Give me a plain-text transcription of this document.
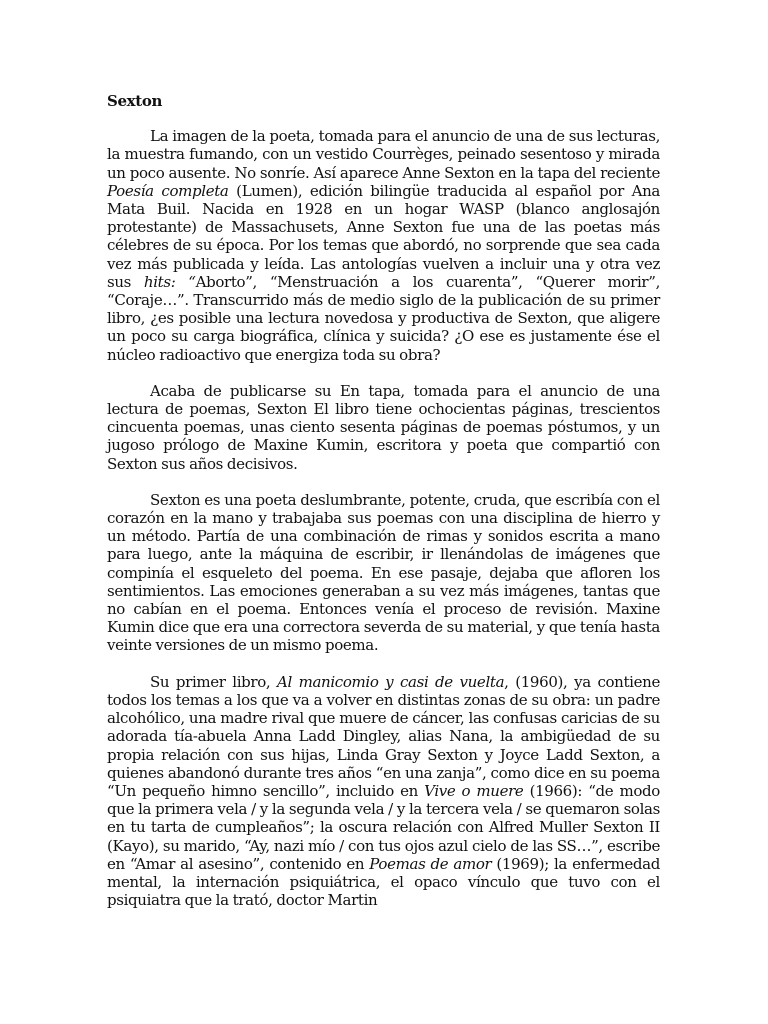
Sexton

La imagen de la poeta, tomada para el anuncio de una de sus lecturas, la muestra fumando, con un vestido Courrèges, peinado sesentoso y mirada un poco ausente. No sonríe. Así aparece Anne Sexton en la tapa del reciente Poesía completa (Lumen), edición bilingüe traducida al español por Ana Mata Buil. Nacida en 1928 en un hogar WASP (blanco anglosajón protestante) de Massachusets, Anne Sexton fue una de las poetas más célebres de su época. Por los temas que abordó, no sorprende que sea cada vez más publicada y leída. Las antologías vuelven a incluir una y otra vez sus hits: “Aborto”, “Menstruación a los cuarenta”, “Querer morir”, “Coraje…”. Transcurrido más de medio siglo de la publicación de su primer libro, ¿es posible una lectura novedosa y productiva de Sexton, que aligere un poco su carga biográfica, clínica y suicida? ¿O ese es justamente ése el núcleo radioactivo que energiza toda su obra?

Acaba de publicarse su En tapa, tomada para el anuncio de una lectura de poemas, Sexton El libro tiene ochocientas páginas, trescientos cincuenta poemas, unas ciento sesenta páginas de poemas póstumos, y un jugoso prólogo de Maxine Kumin, escritora y poeta que compartió con Sexton sus años decisivos.

Sexton es una poeta deslumbrante, potente, cruda, que escribía con el corazón en la mano y trabajaba sus poemas con una disciplina de hierro y un método. Partía de una combinación de rimas y sonidos escrita a mano para luego, ante la máquina de escribir, ir llenándolas de imágenes que compinía el esqueleto del poema. En ese pasaje, dejaba que afloren los sentimientos. Las emociones generaban a su vez más imágenes, tantas que no cabían en el poema. Entonces venía el proceso de revisión. Maxine Kumin dice que era una correctora severda de su material, y que tenía hasta veinte versiones de un mismo poema.

Su primer libro, Al manicomio y casi de vuelta, (1960), ya contiene todos los temas a los que va a volver en distintas zonas de su obra: un padre alcohólico, una madre rival que muere de cáncer, las confusas caricias de su adorada tía-abuela Anna Ladd Dingley, alias Nana, la ambigüedad de su propia relación con sus hijas, Linda Gray Sexton y Joyce Ladd Sexton, a quienes abandonó durante tres años “en una zanja”, como dice en su poema “Un pequeño himno sencillo”, incluido en Vive o muere (1966): “de modo que la primera vela / y la segunda vela / y la tercera vela / se quemaron solas en tu tarta de cumpleaños”; la oscura relación con Alfred Muller Sexton II (Kayo), su marido, “Ay, nazi mío / con tus ojos azul cielo de las SS…”, escribe en “Amar al asesino”, contenido en Poemas de amor (1969); la enfermedad mental, la internación psiquiátrica, el opaco vínculo que tuvo con el psiquiatra que la trató, doctor Martin
